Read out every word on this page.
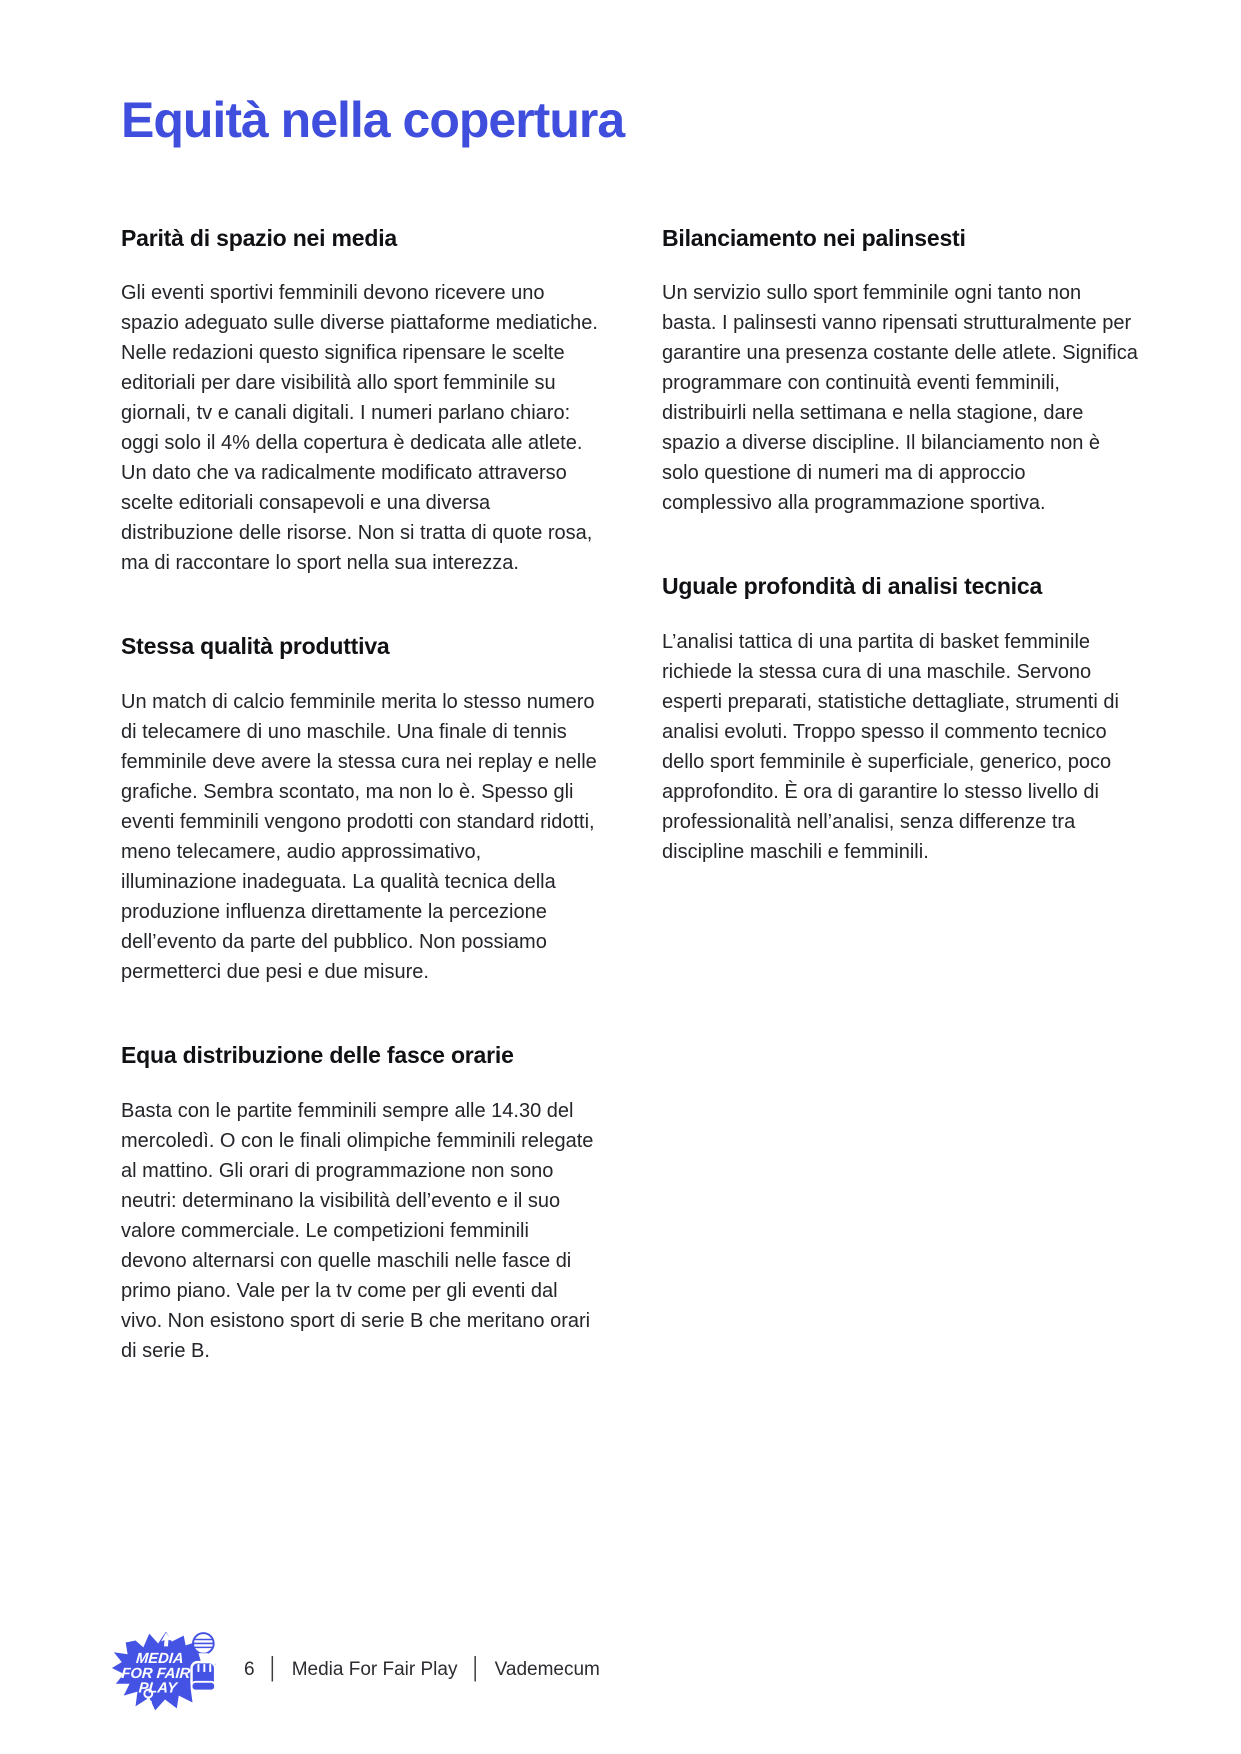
Equità nella copertura
Parità di spazio nei media

Gli eventi sportivi femminili devono ricevere uno spazio adeguato sulle diverse piattaforme mediatiche. Nelle redazioni questo significa ripensare le scelte editoriali per dare visibilità allo sport femminile su giornali, tv e canali digitali. I numeri parlano chiaro: oggi solo il 4% della copertura è dedicata alle atlete. Un dato che va radicalmente modificato attraverso scelte editoriali consapevoli e una diversa distribuzione delle risorse. Non si tratta di quote rosa, ma di raccontare lo sport nella sua interezza.

Stessa qualità produttiva

Un match di calcio femminile merita lo stesso numero di telecamere di uno maschile. Una finale di tennis femminile deve avere la stessa cura nei replay e nelle grafiche. Sembra scontato, ma non lo è. Spesso gli eventi femminili vengono prodotti con standard ridotti, meno telecamere, audio approssimativo, illuminazione inadeguata. La qualità tecnica della produzione influenza direttamente la percezione dell’evento da parte del pubblico. Non possiamo permetterci due pesi e due misure.

Equa distribuzione delle fasce orarie

Basta con le partite femminili sempre alle 14.30 del mercoledì. O con le finali olimpiche femminili relegate al mattino. Gli orari di programmazione non sono neutri: determinano la visibilità dell’evento e il suo valore commerciale. Le competizioni femminili devono alternarsi con quelle maschili nelle fasce di primo piano. Vale per la tv come per gli eventi dal vivo. Non esistono sport di serie B che meritano orari di serie B.

Bilanciamento nei palinsesti

Un servizio sullo sport femminile ogni tanto non basta. I palinsesti vanno ripensati strutturalmente per garantire una presenza costante delle atlete. Significa programmare con continuità eventi femminili, distribuirli nella settimana e nella stagione, dare spazio a diverse discipline. Il bilanciamento non è solo questione di numeri ma di approccio complessivo alla programmazione sportiva.

Uguale profondità di analisi tecnica

L’analisi tattica di una partita di basket femminile richiede la stessa cura di una maschile. Servono esperti preparati, statistiche dettagliate, strumenti di analisi evoluti. Troppo spesso il commento tecnico dello sport femminile è superficiale, generico, poco approfondito. È ora di garantire lo stesso livello di professionalità nell’analisi, senza differenze tra discipline maschili e femminili.

MEDIA
FOR FAIR
PLAY
6 │ Media For Fair Play │ Vademecum
